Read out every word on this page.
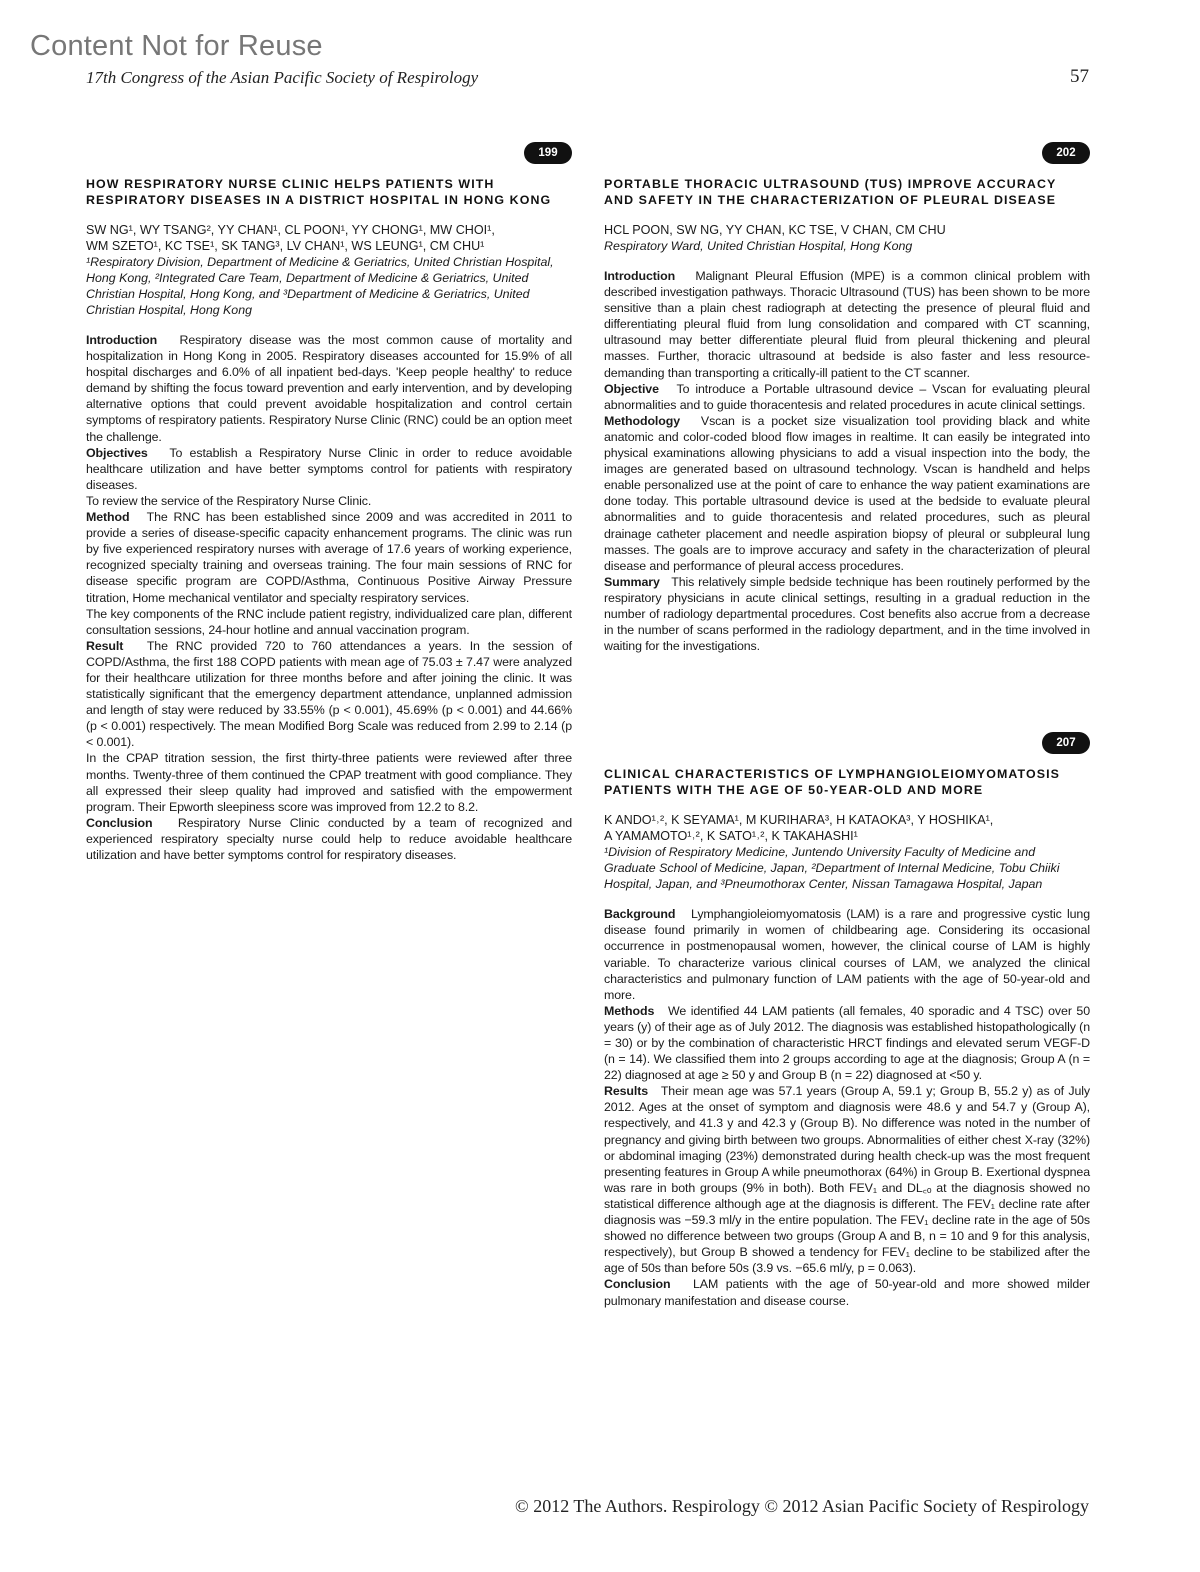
Content Not for Reuse
17th Congress of the Asian Pacific Society of Respirology	57
199
HOW RESPIRATORY NURSE CLINIC HELPS PATIENTS WITH RESPIRATORY DISEASES IN A DISTRICT HOSPITAL IN HONG KONG

SW NG¹, WY TSANG², YY CHAN¹, CL POON¹, YY CHONG¹, MW CHOI¹,

WM SZETO¹, KC TSE¹, SK TANG³, LV CHAN¹, WS LEUNG¹, CM CHU¹

¹Respiratory Division, Department of Medicine & Geriatrics, United Christian Hospital, Hong Kong, ²Integrated Care Team, Department of Medicine & Geriatrics, United Christian Hospital, Hong Kong, and ³Department of Medicine & Geriatrics, United Christian Hospital, Hong Kong

Introduction Respiratory disease was the most common cause of mortality and hospitalization in Hong Kong in 2005. Respiratory diseases accounted for 15.9% of all hospital discharges and 6.0% of all inpatient bed-days. 'Keep people healthy' to reduce demand by shifting the focus toward prevention and early intervention, and by developing alternative options that could prevent avoidable hospitalization and control certain symptoms of respiratory patients. Respiratory Nurse Clinic (RNC) could be an option meet the challenge.

Objectives To establish a Respiratory Nurse Clinic in order to reduce avoidable healthcare utilization and have better symptoms control for patients with respiratory diseases.

To review the service of the Respiratory Nurse Clinic.

Method The RNC has been established since 2009 and was accredited in 2011 to provide a series of disease-specific capacity enhancement programs. The clinic was run by five experienced respiratory nurses with average of 17.6 years of working experience, recognized specialty training and overseas training. The four main sessions of RNC for disease specific program are COPD/Asthma, Continuous Positive Airway Pressure titration, Home mechanical ventilator and specialty respiratory services.

The key components of the RNC include patient registry, individualized care plan, different consultation sessions, 24-hour hotline and annual vaccination program.

Result The RNC provided 720 to 760 attendances a years. In the session of COPD/Asthma, the first 188 COPD patients with mean age of 75.03 ± 7.47 were analyzed for their healthcare utilization for three months before and after joining the clinic. It was statistically significant that the emergency department attendance, unplanned admission and length of stay were reduced by 33.55% (p < 0.001), 45.69% (p < 0.001) and 44.66% (p < 0.001) respectively. The mean Modified Borg Scale was reduced from 2.99 to 2.14 (p < 0.001).

In the CPAP titration session, the first thirty-three patients were reviewed after three months. Twenty-three of them continued the CPAP treatment with good compliance. They all expressed their sleep quality had improved and satisfied with the empowerment program. Their Epworth sleepiness score was improved from 12.2 to 8.2.

Conclusion Respiratory Nurse Clinic conducted by a team of recognized and experienced respiratory specialty nurse could help to reduce avoidable healthcare utilization and have better symptoms control for respiratory diseases.

202
PORTABLE THORACIC ULTRASOUND (TUS) IMPROVE ACCURACY AND SAFETY IN THE CHARACTERIZATION OF PLEURAL DISEASE

HCL POON, SW NG, YY CHAN, KC TSE, V CHAN, CM CHU

Respiratory Ward, United Christian Hospital, Hong Kong

Introduction Malignant Pleural Effusion (MPE) is a common clinical problem with described investigation pathways. Thoracic Ultrasound (TUS) has been shown to be more sensitive than a plain chest radiograph at detecting the presence of pleural fluid and differentiating pleural fluid from lung consolidation and compared with CT scanning, ultrasound may better differentiate pleural fluid from pleural thickening and pleural masses. Further, thoracic ultrasound at bedside is also faster and less resource-demanding than transporting a critically-ill patient to the CT scanner.

Objective To introduce a Portable ultrasound device – Vscan for evaluating pleural abnormalities and to guide thoracentesis and related procedures in acute clinical settings.

Methodology Vscan is a pocket size visualization tool providing black and white anatomic and color-coded blood flow images in realtime. It can easily be integrated into physical examinations allowing physicians to add a visual inspection into the body, the images are generated based on ultrasound technology. Vscan is handheld and helps enable personalized use at the point of care to enhance the way patient examinations are done today. This portable ultrasound device is used at the bedside to evaluate pleural abnormalities and to guide thoracentesis and related procedures, such as pleural drainage catheter placement and needle aspiration biopsy of pleural or subpleural lung masses. The goals are to improve accuracy and safety in the characterization of pleural disease and performance of pleural access procedures.

Summary This relatively simple bedside technique has been routinely performed by the respiratory physicians in acute clinical settings, resulting in a gradual reduction in the number of radiology departmental procedures. Cost benefits also accrue from a decrease in the number of scans performed in the radiology department, and in the time involved in waiting for the investigations.

207
CLINICAL CHARACTERISTICS OF LYMPHANGIOLEIOMYOMATOSIS PATIENTS WITH THE AGE OF 50-YEAR-OLD AND MORE

K ANDO¹˒², K SEYAMA¹, M KURIHARA³, H KATAOKA³, Y HOSHIKA¹,

A YAMAMOTO¹˒², K SATO¹˒², K TAKAHASHI¹

¹Division of Respiratory Medicine, Juntendo University Faculty of Medicine and Graduate School of Medicine, Japan, ²Department of Internal Medicine, Tobu Chiiki Hospital, Japan, and ³Pneumothorax Center, Nissan Tamagawa Hospital, Japan

Background Lymphangioleiomyomatosis (LAM) is a rare and progressive cystic lung disease found primarily in women of childbearing age. Considering its occasional occurrence in postmenopausal women, however, the clinical course of LAM is highly variable. To characterize various clinical courses of LAM, we analyzed the clinical characteristics and pulmonary function of LAM patients with the age of 50-year-old and more.

Methods We identified 44 LAM patients (all females, 40 sporadic and 4 TSC) over 50 years (y) of their age as of July 2012. The diagnosis was established histopathologically (n = 30) or by the combination of characteristic HRCT findings and elevated serum VEGF-D (n = 14). We classified them into 2 groups according to age at the diagnosis; Group A (n = 22) diagnosed at age ≥ 50 y and Group B (n = 22) diagnosed at <50 y.

Results Their mean age was 57.1 years (Group A, 59.1 y; Group B, 55.2 y) as of July 2012. Ages at the onset of symptom and diagnosis were 48.6 y and 54.7 y (Group A), respectively, and 41.3 y and 42.3 y (Group B). No difference was noted in the number of pregnancy and giving birth between two groups. Abnormalities of either chest X-ray (32%) or abdominal imaging (23%) demonstrated during health check-up was the most frequent presenting features in Group A while pneumothorax (64%) in Group B. Exertional dyspnea was rare in both groups (9% in both). Both FEV₁ and DL꜀ₒ at the diagnosis showed no statistical difference although age at the diagnosis is different. The FEV₁ decline rate after diagnosis was −59.3 ml/y in the entire population. The FEV₁ decline rate in the age of 50s showed no difference between two groups (Group A and B, n = 10 and 9 for this analysis, respectively), but Group B showed a tendency for FEV₁ decline to be stabilized after the age of 50s than before 50s (3.9 vs. −65.6 ml/y, p = 0.063).

Conclusion LAM patients with the age of 50-year-old and more showed milder pulmonary manifestation and disease course.

© 2012 The Authors. Respirology © 2012 Asian Pacific Society of Respirology
